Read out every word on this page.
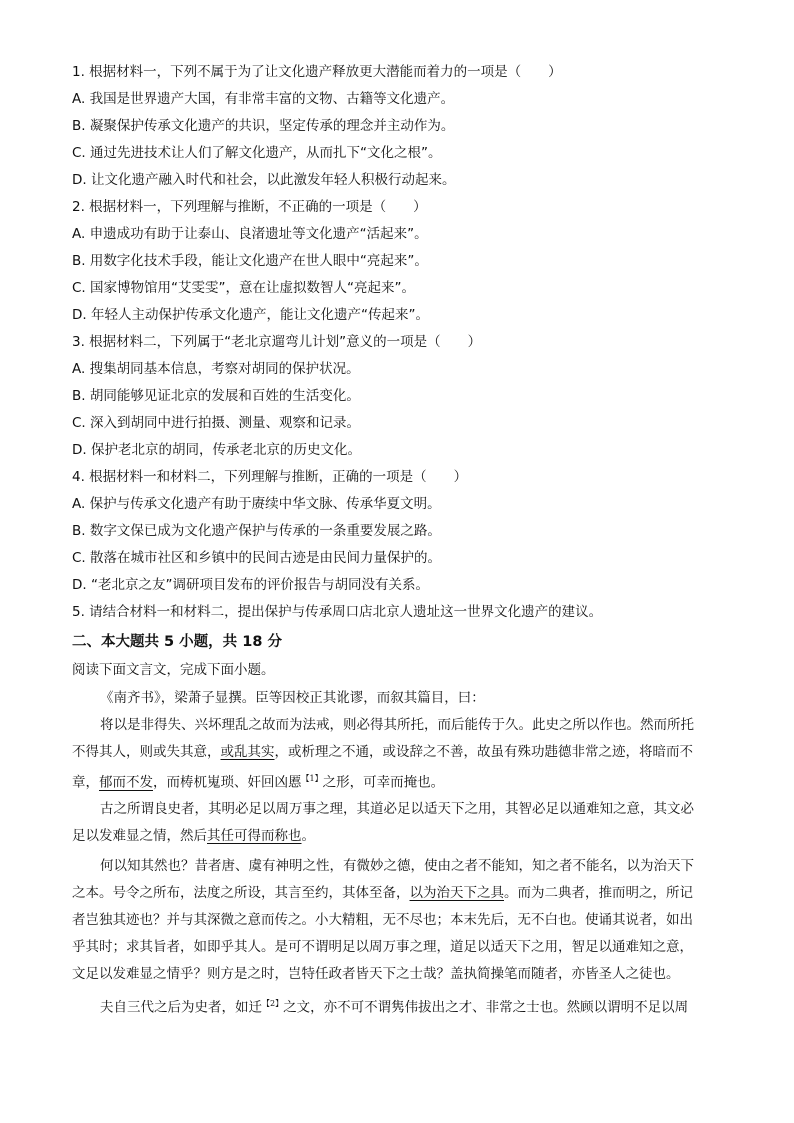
1. 根据材料一，下列不属于为了让文化遗产释放更大潜能而着力的一项是（　　）
A. 我国是世界遗产大国，有非常丰富的文物、古籍等文化遗产。
B. 凝聚保护传承文化遗产的共识，坚定传承的理念并主动作为。
C. 通过先进技术让人们了解文化遗产，从而扎下“文化之根”。
D. 让文化遗产融入时代和社会，以此激发年轻人积极行动起来。
2. 根据材料一，下列理解与推断，不正确的一项是（　　）
A. 申遗成功有助于让泰山、良渚遗址等文化遗产“活起来”。
B. 用数字化技术手段，能让文化遗产在世人眼中“亮起来”。
C. 国家博物馆用“艾雯雯”，意在让虚拟数智人“亮起来”。
D. 年轻人主动保护传承文化遗产，能让文化遗产“传起来”。
3. 根据材料二，下列属于“老北京遛弯儿计划”意义的一项是（　　）
A. 搜集胡同基本信息，考察对胡同的保护状况。
B. 胡同能够见证北京的发展和百姓的生活变化。
C. 深入到胡同中进行拍摄、测量、观察和记录。
D. 保护老北京的胡同，传承老北京的历史文化。
4. 根据材料一和材料二，下列理解与推断，正确的一项是（　　）
A. 保护与传承文化遗产有助于赓续中华文脉、传承华夏文明。
B. 数字文保已成为文化遗产保护与传承的一条重要发展之路。
C. 散落在城市社区和乡镇中的民间古迹是由民间力量保护的。
D. “老北京之友”调研项目发布的评价报告与胡同没有关系。
5. 请结合材料一和材料二，提出保护与传承周口店北京人遗址这一世界文化遗产的建议。
二、本大题共 5 小题，共 18 分
阅读下面文言文，完成下面小题。
《南齐书》，梁萧子显撰。臣等因校正其讹谬，而叙其篇目，曰：
将以是非得失、兴坏理乱之故而为法戒，则必得其所托，而后能传于久。此史之所以作也。然而所托
不得其人，则或失其意，或乱其实，或析理之不通，或设辞之不善，故虽有殊功韪德非常之迹，将暗而不
章，郁而不发，而梼杌嵬琐、奸回凶慝$^{【1】}$之形，可幸而掩也。
古之所谓良史者，其明必足以周万事之理，其道必足以适天下之用，其智必足以通难知之意，其文必
足以发难显之情，然后其任可得而称也。
何以知其然也？昔者唐、虞有神明之性，有微妙之德，使由之者不能知，知之者不能名，以为治天下
之本。号令之所布，法度之所设，其言至约，其体至备，以为治天下之具。而为二典者，推而明之，所记
者岂独其迹也？并与其深微之意而传之。小大精粗，无不尽也；本末先后，无不白也。使诵其说者，如出
乎其时；求其旨者，如即乎其人。是可不谓明足以周万事之理，道足以适天下之用，智足以通难知之意，
文足以发难显之情乎？则方是之时，岂特任政者皆天下之士哉？盖执简操笔而随者，亦皆圣人之徒也。
夫自三代之后为史者，如迁$^{【2】}$之文，亦不可不谓隽伟拔出之才、非常之士也。然顾以谓明不足以周
